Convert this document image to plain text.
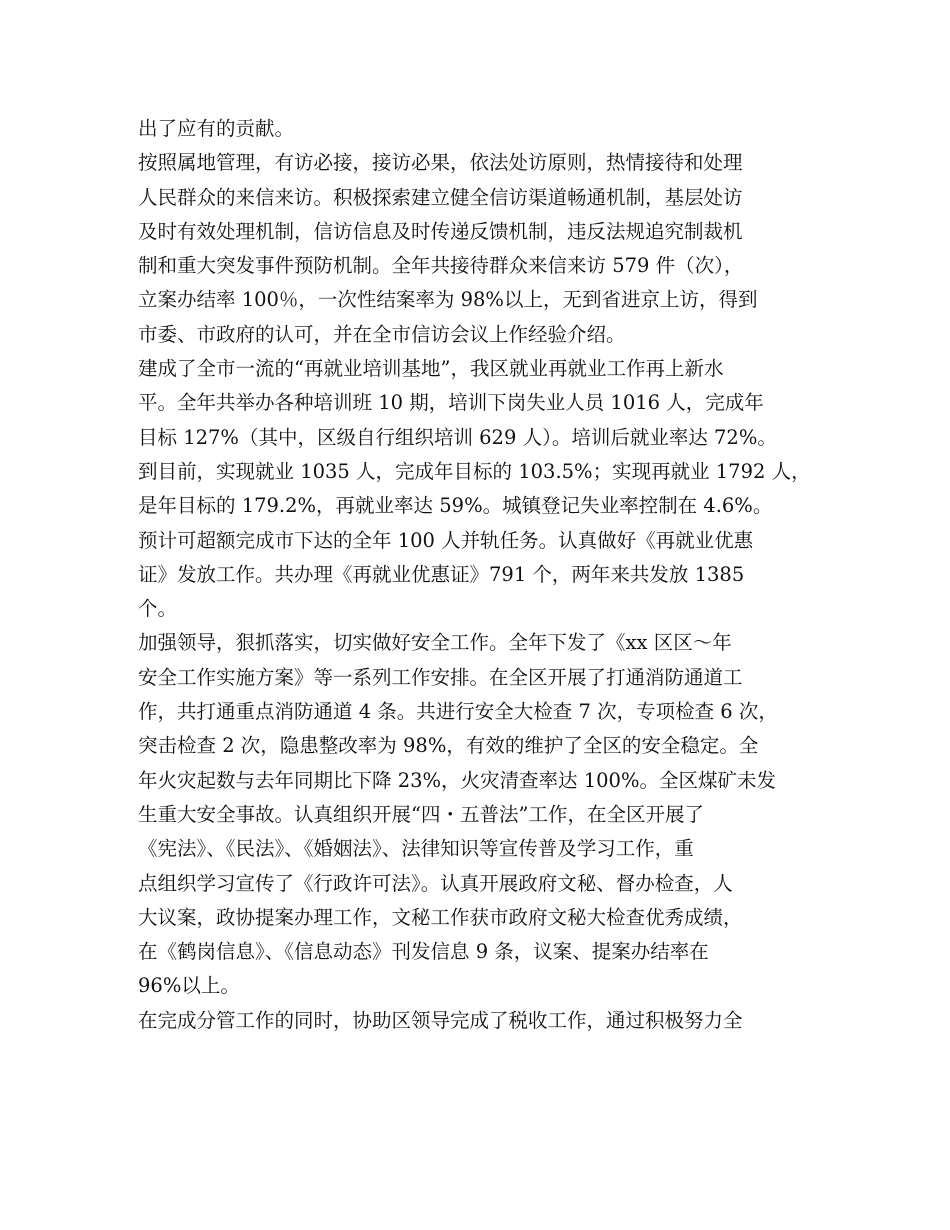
出了应有的贡献。
按照属地管理，有访必接，接访必果，依法处访原则，热情接待和处理
人民群众的来信来访。积极探索建立健全信访渠道畅通机制，基层处访
及时有效处理机制，信访信息及时传递反馈机制，违反法规追究制裁机
制和重大突发事件预防机制。全年共接待群众来信来访 579 件（次），
立案办结率 100％，一次性结案率为 98%以上，无到省进京上访，得到
市委、市政府的认可，并在全市信访会议上作经验介绍。
建成了全市一流的“再就业培训基地”，我区就业再就业工作再上新水
平。全年共举办各种培训班 10 期，培训下岗失业人员 1016 人，完成年
目标 127%（其中，区级自行组织培训 629 人）。培训后就业率达 72%。
到目前，实现就业 1035 人，完成年目标的 103.5%；实现再就业 1792 人，
是年目标的 179.2%，再就业率达 59%。城镇登记失业率控制在 4.6%。
预计可超额完成市下达的全年 100 人并轨任务。认真做好《再就业优惠
证》发放工作。共办理《再就业优惠证》791 个，两年来共发放 1385
个。
加强领导，狠抓落实，切实做好安全工作。全年下发了《xx 区区～年
安全工作实施方案》等一系列工作安排。在全区开展了打通消防通道工
作，共打通重点消防通道 4 条。共进行安全大检查 7 次，专项检查 6 次，
突击检查 2 次，隐患整改率为 98%，有效的维护了全区的安全稳定。全
年火灾起数与去年同期比下降 23%，火灾清查率达 100%。全区煤矿未发
生重大安全事故。认真组织开展“四・五普法”工作，在全区开展了
《宪法》、《民法》、《婚姻法》、法律知识等宣传普及学习工作，重
点组织学习宣传了《行政许可法》。认真开展政府文秘、督办检查，人
大议案，政协提案办理工作，文秘工作获市政府文秘大检查优秀成绩，
在《鹤岗信息》、《信息动态》刊发信息 9 条，议案、提案办结率在
96%以上。
在完成分管工作的同时，协助区领导完成了税收工作，通过积极努力全
